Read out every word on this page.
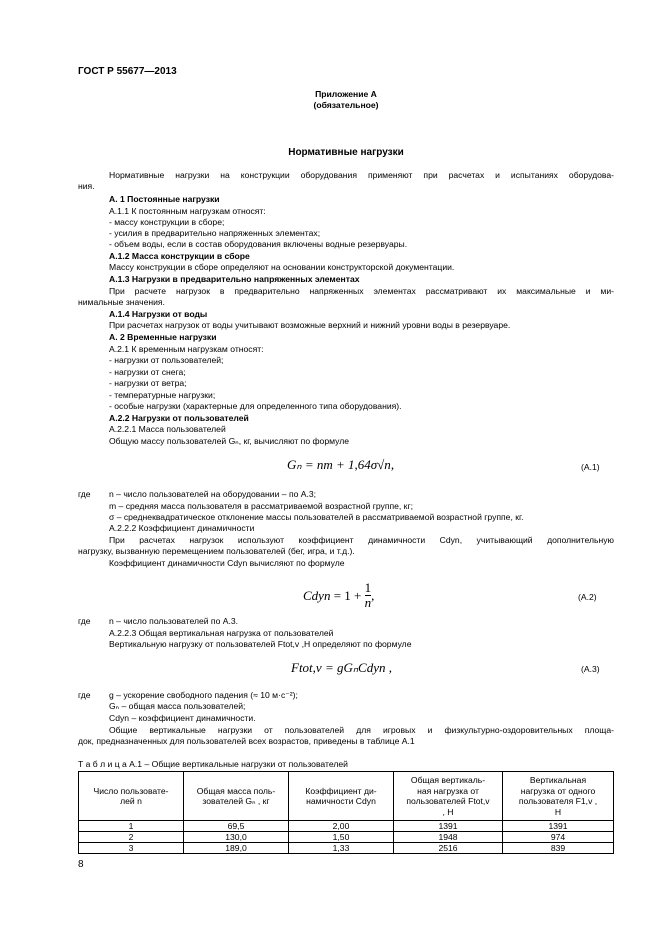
ГОСТ Р 55677—2013
Приложение А
(обязательное)
Нормативные нагрузки
Нормативные нагрузки на конструкции оборудования применяют при расчетах и испытаниях оборудова-
ния.
А. 1 Постоянные нагрузки
А.1.1 К постоянным нагрузкам относят:
- массу конструкции в сборе;
- усилия в предварительно напряженных элементах;
- объем воды, если в состав оборудования включены водные резервуары.
А.1.2 Масса конструкции в сборе
Массу конструкции в сборе определяют на основании конструкторской документации.
А.1.3 Нагрузки в предварительно напряженных элементах
При расчете нагрузок в предварительно напряженных элементах рассматривают их максимальные и ми-
нимальные значения.
А.1.4 Нагрузки от воды
При расчетах нагрузок от воды учитывают возможные верхний и нижний уровни воды в резервуаре.
А. 2 Временные нагрузки
А.2.1 К временным нагрузкам относят:
- нагрузки от пользователей;
- нагрузки от снега;
- нагрузки от ветра;
- температурные нагрузки;
- особые нагрузки (характерные для определенного типа оборудования).
А.2.2 Нагрузки от пользователей
А.2.2.1 Масса пользователей
Общую массу пользователей Gₙ, кг, вычисляют по формуле
Gₙ = nm + 1,64σ√n,	(А.1)
где n – число пользователей на оборудовании – по А.3;
m – средняя масса пользователя в рассматриваемой возрастной группе, кг;
σ – среднеквадратическое отклонение массы пользователей в рассматриваемой возрастной группе, кг.
А.2.2.2 Коэффициент динамичности
При расчетах нагрузок используют коэффициент динамичности Cdyn, учитывающий дополнительную
нагрузку, вызванную перемещением пользователей (бег, игра, и т.д.).
Коэффициент динамичности Cdyn вычисляют по формуле
Cdyn = $1 + \frac{1}{n}$ ,	(А.2)
где n – число пользователей по А.3.
А.2.2.3 Общая вертикальная нагрузка от пользователей
Вертикальную нагрузку от пользователей Ftot,v ,Н определяют по формуле
Ftot,v = gGₙCdyn ,	(А.3)
где g – ускорение свободного падения (≈ 10 м·с⁻²);
Gₙ – общая масса пользователей;
Cdyn – коэффициент динамичности.
Общие вертикальные нагрузки от пользователей для игровых и физкультурно-оздоровительных площа-
док, предназначенных для пользователей всех возрастов, приведены в таблице А.1
Т а б л и ц а А.1 – Общие вертикальные нагрузки от пользователей
Число пользовате-
лей n	Общая масса поль-
зователей Gₙ , кг	Коэффициент ди-
намичности Cdyn	Общая вертикаль-
ная нагрузка от
пользователей Ftot,v
, Н	Вертикальная
нагрузка от одного
пользователя F1,v ,
Н
1	69,5	2,00	1391	1391
2	130,0	1,50	1948	974
3	189,0	1,33	2516	839
8
